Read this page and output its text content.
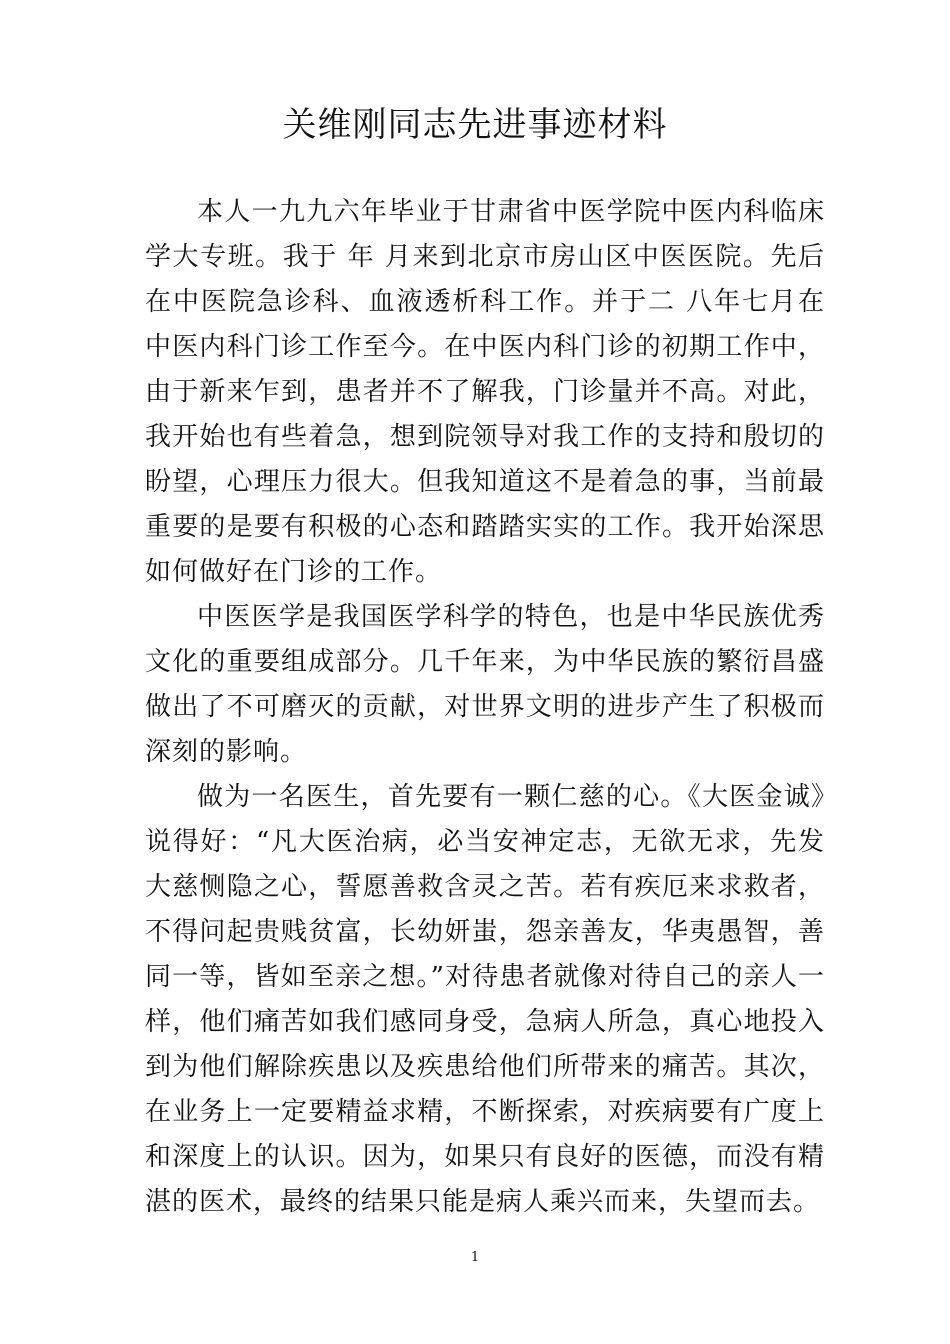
关维刚同志先进事迹材料

本人一九九六年毕业于甘肃省中医学院中医内科临床学大专班。我于 年 月来到北京市房山区中医医院。先后在中医院急诊科、血液透析科工作。并于二 八年七月在中医内科门诊工作至今。在中医内科门诊的初期工作中，由于新来乍到，患者并不了解我，门诊量并不高。对此，我开始也有些着急，想到院领导对我工作的支持和殷切的盼望，心理压力很大。但我知道这不是着急的事，当前最重要的是要有积极的心态和踏踏实实的工作。我开始深思如何做好在门诊的工作。

中医医学是我国医学科学的特色，也是中华民族优秀文化的重要组成部分。几千年来，为中华民族的繁衍昌盛做出了不可磨灭的贡献，对世界文明的进步产生了积极而深刻的影响。

做为一名医生，首先要有一颗仁慈的心。《大医金诚》说得好：“凡大医治病，必当安神定志，无欲无求，先发大慈恻隐之心，誓愿善救含灵之苦。若有疾厄来求救者，不得问起贵贱贫富，长幼妍蚩，怨亲善友，华夷愚智，善同一等，皆如至亲之想。”对待患者就像对待自己的亲人一样，他们痛苦如我们感同身受，急病人所急，真心地投入到为他们解除疾患以及疾患给他们所带来的痛苦。其次，在业务上一定要精益求精，不断探索，对疾病要有广度上和深度上的认识。因为，如果只有良好的医德，而没有精湛的医术，最终的结果只能是病人乘兴而来，失望而去。

1
